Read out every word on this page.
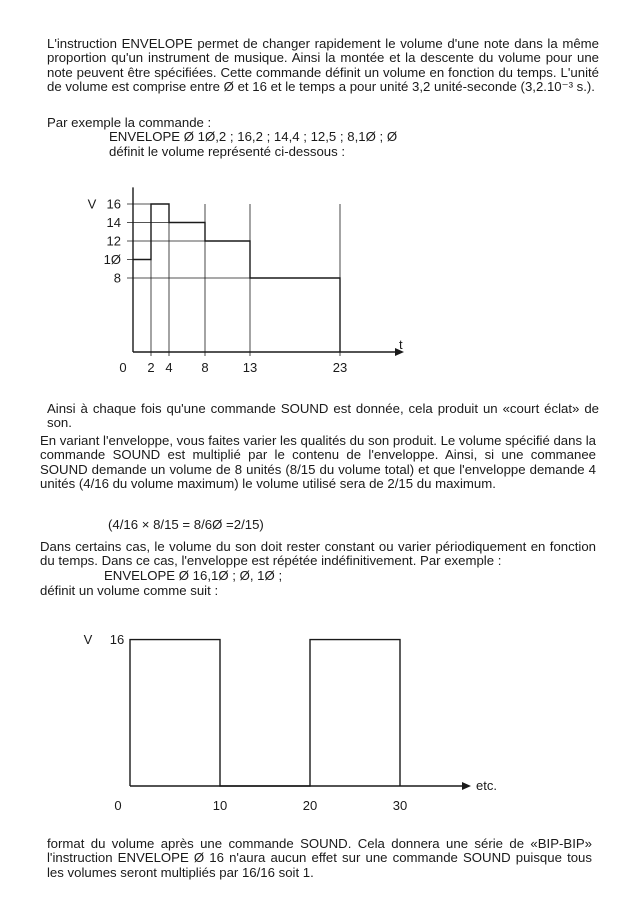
L'instruction ENVELOPE permet de changer rapidement le volume d'une note dans la même proportion qu'un instrument de musique. Ainsi la montée et la descente du volume pour une note peuvent être spécifiées. Cette commande définit un volume en fonction du temps. L'unité de volume est comprise entre Ø et 16 et le temps a pour unité 3,2 unité-seconde (3,2.10⁻³ s.).

Par exemple la commande :

ENVELOPE Ø 1Ø,2 ; 16,2 ; 14,4 ; 12,5 ; 8,1Ø ; Ø

définit le volume représenté ci-dessous :

16
14
12
1Ø
8
V
0 2 4 8	13	23
t

Ainsi à chaque fois qu'une commande SOUND est donnée, cela produit un «court éclat» de son.

En variant l'enveloppe, vous faites varier les qualités du son produit. Le volume spécifié dans la commande SOUND est multiplié par le contenu de l'enveloppe. Ainsi, si une commanee SOUND demande un volume de 8 unités (8/15 du volume total) et que l'enveloppe demande 4 unités (4/16 du volume maximum) le volume utilisé sera de 2/15 du maximum.

(4/16 × 8/15 = 8/6Ø =2/15)

Dans certains cas, le volume du son doit rester constant ou varier périodiquement en fonction du temps. Dans ce cas, l'enveloppe est répétée indéfinitivement. Par exemple :

ENVELOPE Ø 16,1Ø ; Ø, 1Ø ;

définit un volume comme suit :

etc.
V 16
0	10	20	30

format du volume après une commande SOUND. Cela donnera une série de «BIP-BIP» l'instruction ENVELOPE Ø 16 n'aura aucun effet sur une commande SOUND puisque tous les volumes seront multipliés par 16/16 soit 1.
